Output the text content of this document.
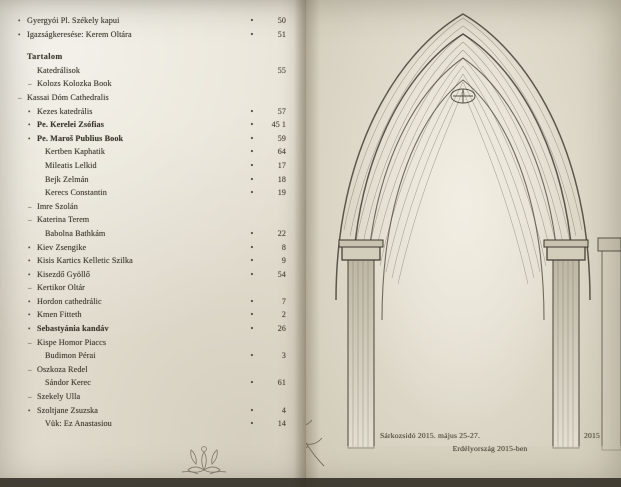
• Gyergyói Pl. Székely kapui	•	50
• Igazságkeresése: Kerem Oltára	•	51
Tartalom
Katedrálisok	55
– Kolozs Kolozka Book
– Kassai Dóm Cathedralis
• Kezes katedrális	•	57
• Pe. Kerelei Zsófias	•	45 1
• Pe. Maroš Publius Book	•	59
Kertben Kaphatik	•	64
Mileatis Lelkid	•	17
Bejk Zelmán	•	18
Kerecs Constantin	•	19
– Imre Szolán
– Katerina Terem
Babolna Bathkám	•	22
• Kiev Zsengike	•	8
• Kisis Kartics Kelletic Szilka	•	9
• Kisezdő Gyöllő	•	54
– Kertikor Oltár
• Hordon cathedrálic	•	7
• Kmen Fitteth	•	2
• Sebastyánia kandáv	•	26
– Kispe Homor Piaccs
Budimon Pérai	•	3
– Oszkoza Redel
Sándor Kerec	•	61
– Szekely Ulla
• Szoltjane Zsuzska	•	4
Vük: Ez Anastasiou	•	14
Sárkozsidó 2015. május 25-27.	2015
Erdélyország 2015-ben
